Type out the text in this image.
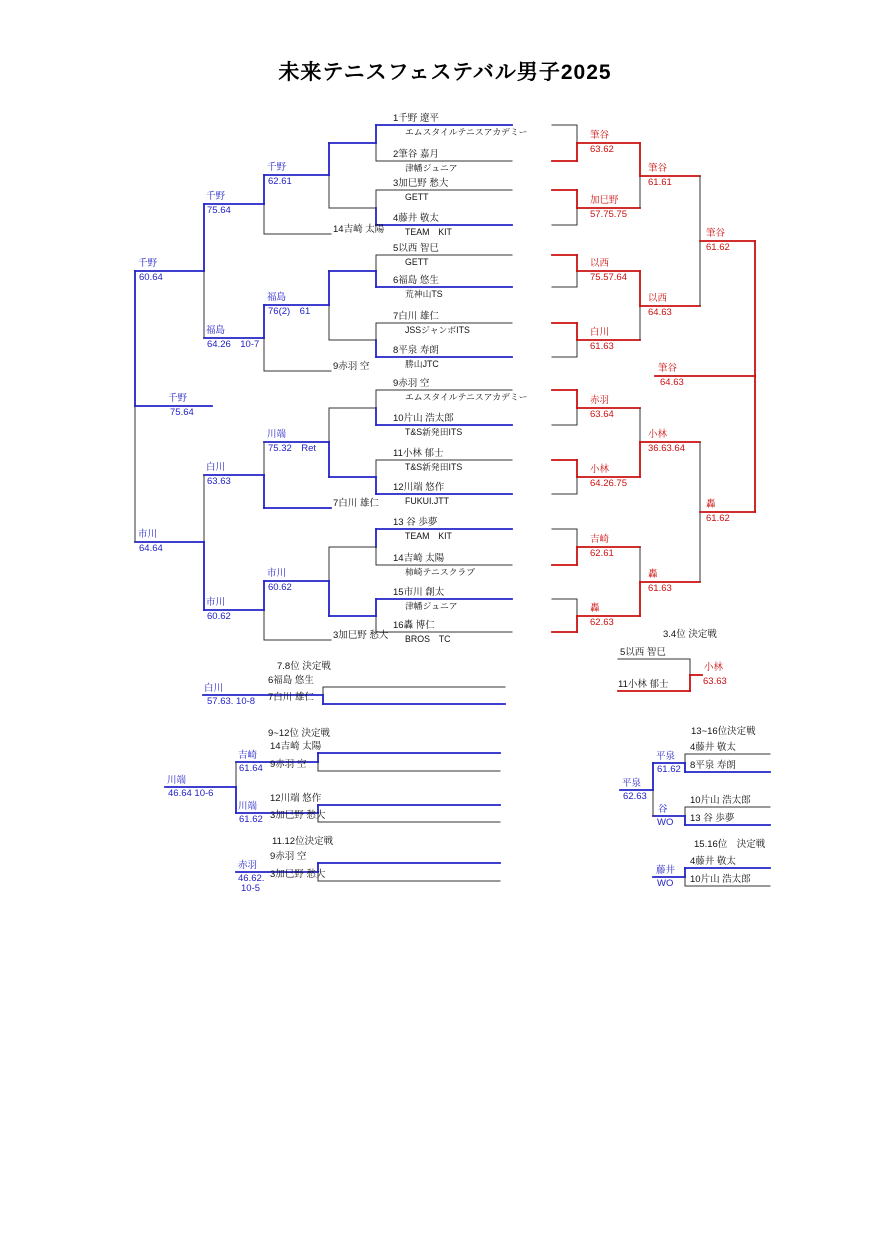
未来テニスフェステバル男子2025
1千野 遼平
エムスタイルテニスアカデミー
2筆谷 嘉月
津幡ジュニア
3加巳野 愁大
GETT
4藤井 敬太
TEAM　KIT
5以西 智巳
GETT
6福島 悠生
荒神山TS
7白川 雄仁
JSSジャンボITS
8平泉 寿朗
勝山JTC
9赤羽 空
エムスタイルテニスアカデミー
10片山 浩太郎
T&S新発田ITS
11小林 郁士
T&S新発田ITS
12川端 悠作
FUKUI.JTT
13 谷 歩夢
TEAM　KIT
14吉崎 太陽
柿崎テニスクラブ
15市川 創太
津幡ジュニア
16轟 博仁
BROS　TC
14吉崎 太陽
9赤羽 空
7白川 雄仁
3加巳野 愁大
千野
62.61
福島
76(2)　61
川端
75.32　Ret
市川
60.62
千野
75.64
福島
64.26　10-7
白川
63.63
市川
60.62
千野
60.64
市川
64.64
千野
75.64
筆谷
63.62
加巳野
57.75.75
以西
75.57.64
白川
61.63
赤羽
63.64
小林
64.26.75
吉崎
62.61
轟
62.63
筆谷
61.61
以西
64.63
小林
36.63.64
轟
61.63
筆谷
61.62
轟
61.62
筆谷
64.63
3.4位 決定戦
5以西 智巳
11小林 郁士
小林
63.63
7.8位 決定戦
6福島 悠生
7白川 雄仁
白川
57.63. 10-8
9~12位 決定戦
14吉崎 太陽
9赤羽 空
12川端 悠作
3加巳野 愁大
吉崎
61.64
川端
61.62
川端
46.64 10-6
11.12位決定戦
9赤羽 空
3加巳野 愁大
赤羽
46.62.
10-5
13~16位決定戦
4藤井 敬太
8平泉 寿朗
10片山 浩太郎
13 谷 歩夢
平泉
61.62
谷
WO
平泉
62.63
15.16位　決定戦
4藤井 敬太
10片山 浩太郎
藤井
WO
